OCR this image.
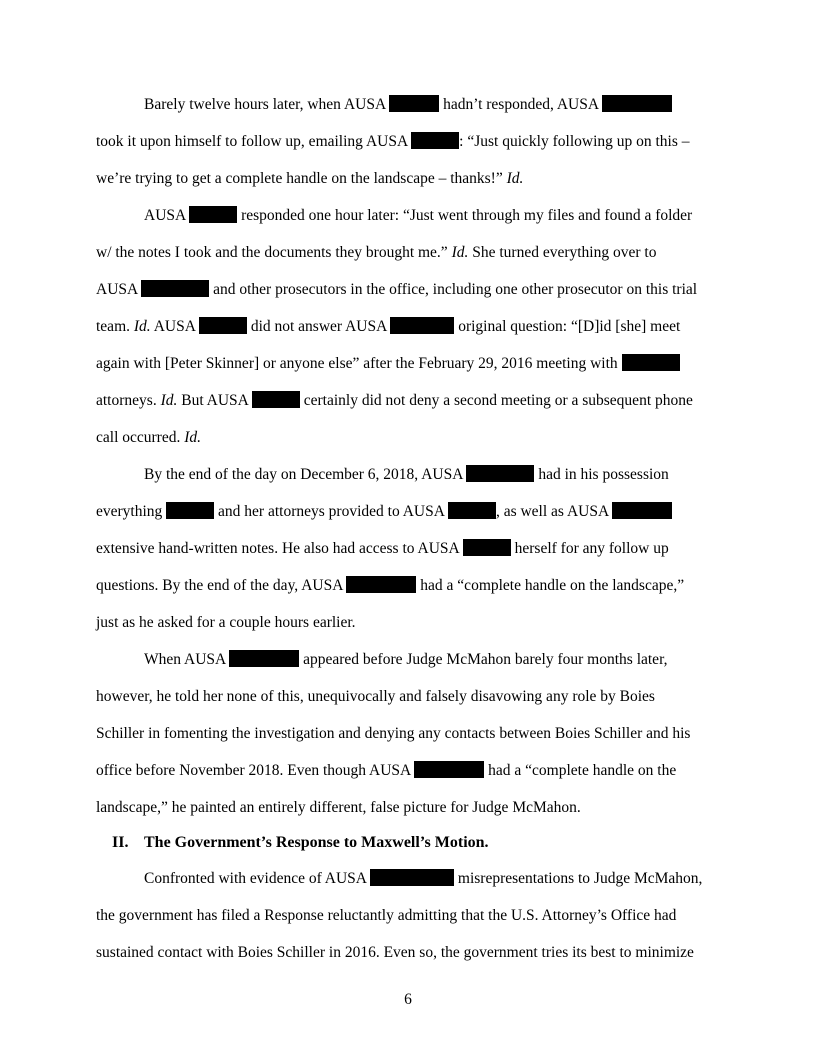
Barely twelve hours later, when AUSA	hadn’t responded, AUSA
took it upon himself to follow up, emailing AUSA	: “Just quickly following up on this –
we’re trying to get a complete handle on the landscape – thanks!” Id.
AUSA	responded one hour later: “Just went through my files and found a folder
w/ the notes I took and the documents they brought me.” Id. She turned everything over to
AUSA	and other prosecutors in the office, including one other prosecutor on this trial
team. Id. AUSA	did not answer AUSA	original question: “[D]id [she] meet
again with [Peter Skinner] or anyone else” after the February 29, 2016 meeting with
attorneys. Id. But AUSA	certainly did not deny a second meeting or a subsequent phone
call occurred. Id.
By the end of the day on December 6, 2018, AUSA	had in his possession
everything	and her attorneys provided to AUSA	, as well as AUSA
extensive hand-written notes. He also had access to AUSA	herself for any follow up
questions. By the end of the day, AUSA	had a “complete handle on the landscape,”
just as he asked for a couple hours earlier.
When AUSA	appeared before Judge McMahon barely four months later,
however, he told her none of this, unequivocally and falsely disavowing any role by Boies
Schiller in fomenting the investigation and denying any contacts between Boies Schiller and his
office before November 2018. Even though AUSA	had a “complete handle on the
landscape,” he painted an entirely different, false picture for Judge McMahon.
II. The Government’s Response to Maxwell’s Motion.
Confronted with evidence of AUSA	misrepresentations to Judge McMahon,
the government has filed a Response reluctantly admitting that the U.S. Attorney’s Office had
sustained contact with Boies Schiller in 2016. Even so, the government tries its best to minimize
6
